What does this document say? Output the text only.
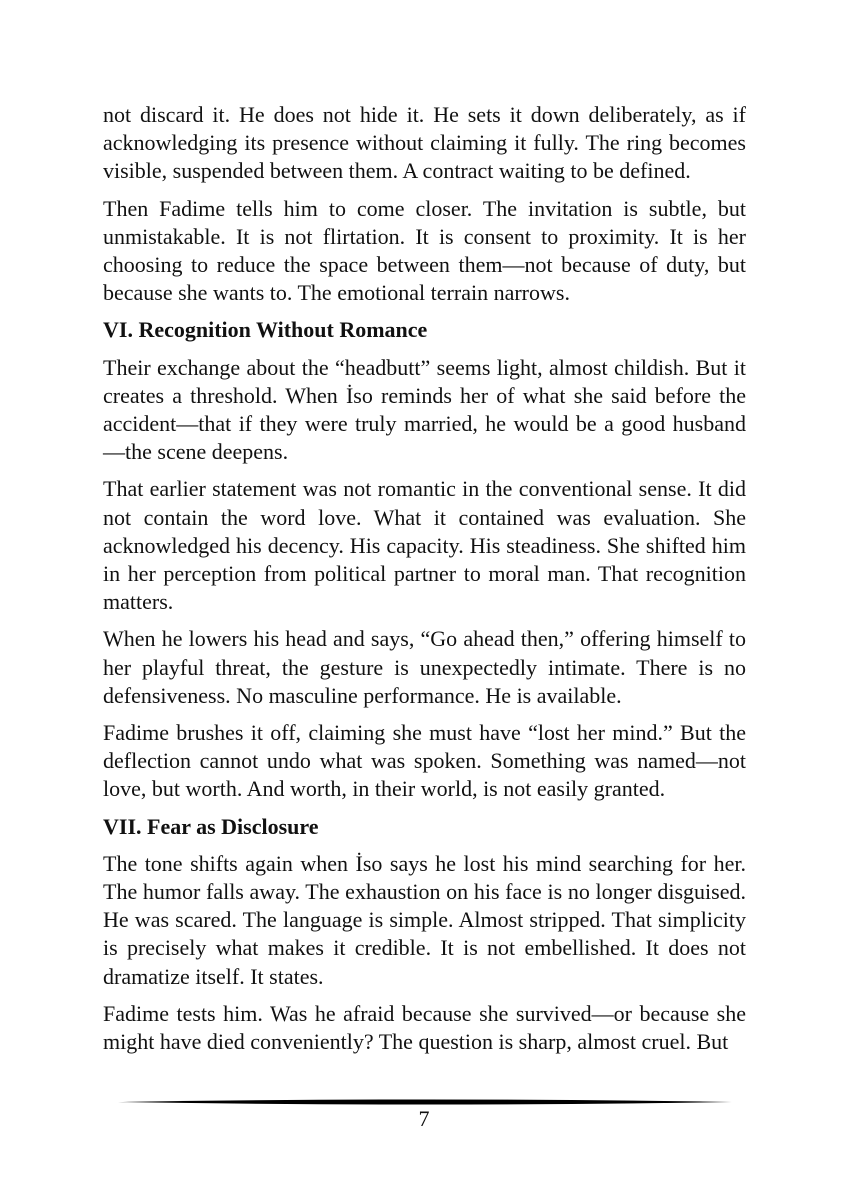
not discard it. He does not hide it. He sets it down deliberately, as if acknowledging its presence without claiming it fully. The ring becomes visible, suspended between them. A contract waiting to be defined.

Then Fadime tells him to come closer. The invitation is subtle, but unmistakable. It is not flirtation. It is consent to proximity. It is her choosing to reduce the space between them—not because of duty, but because she wants to. The emotional terrain narrows.

VI. Recognition Without Romance

Their exchange about the “headbutt” seems light, almost childish. But it creates a threshold. When İso reminds her of what she said before the accident—that if they were truly married, he would be a good husband—the scene deepens.

That earlier statement was not romantic in the conventional sense. It did not contain the word love. What it contained was evaluation. She acknowledged his decency. His capacity. His steadiness. She shifted him in her perception from political partner to moral man. That recognition matters.

When he lowers his head and says, “Go ahead then,” offering himself to her playful threat, the gesture is unexpectedly intimate. There is no defensiveness. No masculine performance. He is available.

Fadime brushes it off, claiming she must have “lost her mind.” But the deflection cannot undo what was spoken. Something was named—not love, but worth. And worth, in their world, is not easily granted.

VII. Fear as Disclosure

The tone shifts again when İso says he lost his mind searching for her. The humor falls away. The exhaustion on his face is no longer disguised. He was scared. The language is simple. Almost stripped. That simplicity is precisely what makes it credible. It is not embellished. It does not dramatize itself. It states.

Fadime tests him. Was he afraid because she survived—or because she might have died conveniently? The question is sharp, almost cruel. But

7
